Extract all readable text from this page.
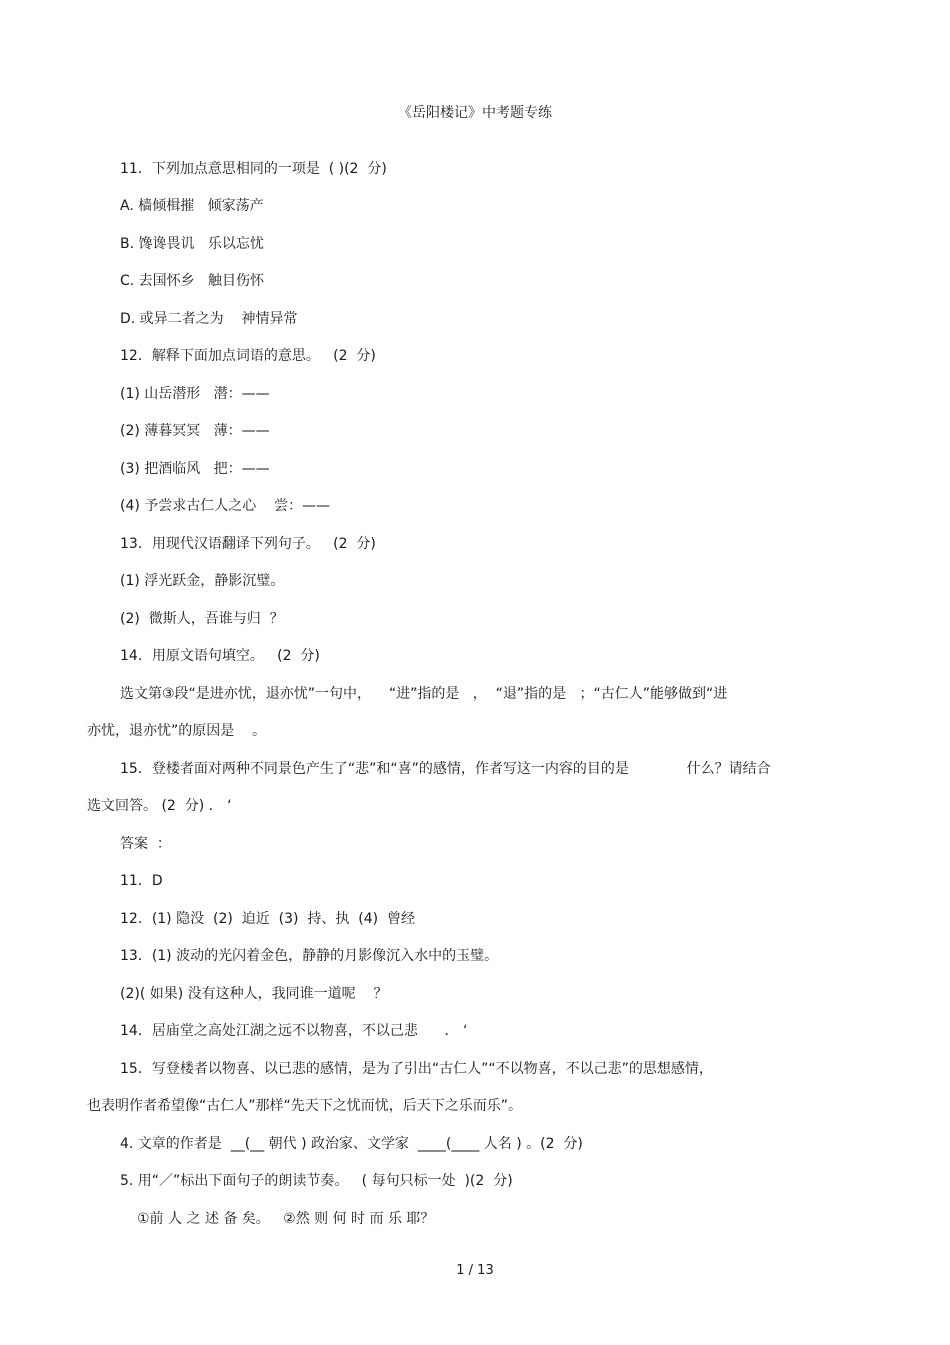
《岳阳楼记》中考题专练
11．下列加点意思相同的一项是  ( )(2  分)
A. 樯倾楫摧   倾家荡产
B. 馋谗畏讥   乐以忘忧
C. 去国怀乡   触目伤怀
D. 或异二者之为    神情异常
12．解释下面加点词语的意思。   (2  分)
(1) 山岳潜形   潜：——
(2) 薄暮冥冥   薄：——
(3) 把酒临风   把：——
(4) 予尝求古仁人之心    尝：——
13．用现代汉语翻译下列句子。   (2  分)
(1) 浮光跃金，静影沉璧。
(2)  微斯人，吾谁与归  ？
14．用原文语句填空。   (2  分)
选文第③段“是进亦忧，退亦忧”一句中，    “进”指的是   ，  “退”指的是   ；“古仁人”能够做到“进
亦忧，退亦忧”的原因是    。
15．登楼者面对两种不同景色产生了“悲”和“喜”的感情，作者写这一内容的目的是             什么？请结合
选文回答。 (2  分) ． ‘
答案  ：
11．D
12．(1) 隐没  (2)  迫近  (3)  持、执  (4)  曾经
13．(1) 波动的光闪着金色，静静的月影像沉入水中的玉璧。
(2)( 如果) 没有这种人，我同谁一道呢    ？
14．居庙堂之高处江湖之远不以物喜，不以己悲      ． ‘
15．写登楼者以物喜、以已悲的感情，是为了引出“古仁人”“不以物喜，不以己悲”的思想感情，
也表明作者希望像“古仁人”那样“先天下之忧而忧，后天下之乐而乐”。
4. 文章的作者是  __(__ 朝代 ) 政治家、文学家  ____(____ 人名 ) 。(2  分)
5. 用“／”标出下面句子的朗读节奏。   ( 每句只标一处  )(2  分)
①前 人 之 述 备 矣。   ②然 则 何 时 而 乐 耶？
1 / 13
